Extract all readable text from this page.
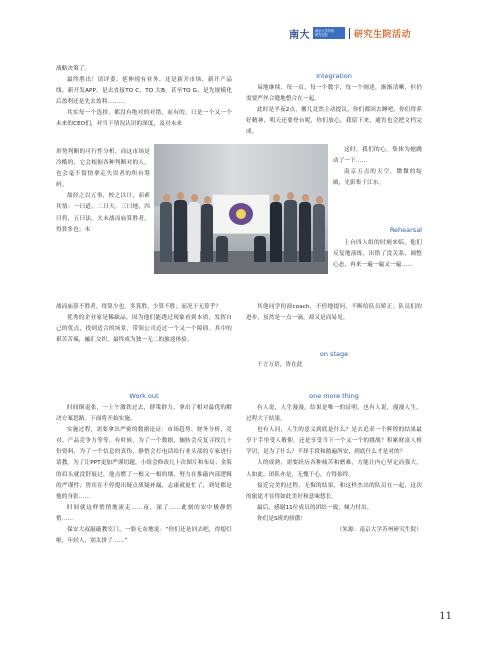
南大 南京大学苏州
研究生院	研究生院活动

战略决策了。

最终胜出！请评委、延伸现有业务、还是新开市场、新开产品线、新开发APP，是去直接TO C，TO 大B，甚至TO G，是先规模化后盈利还是先去盈利………

其实每一个选择，都没有绝对的对错，而有的，只是一个又一个未来的CEO们，对当下情况认识的深度，及对未来

形势判断的可行性分析。而这市场是冷酷的，它会根据各种判断对的人，也会毫不留情拿走失误者的所有筹码。

故经之以五事，校之以计，而索其情：一曰道，二曰天，三曰地，四曰将，五曰法。夫未战而庙算胜者，得算多也；未

战而庙算不胜者，得算少也。多算胜，少算不胜；而况于无算乎？

优秀的企业家是稀缺品，因为他们能透过现象看到本质，发挥自己的优点，找到适合的场景，带领公司迈过一个又一个障碍。其中的艰苦苦辣，融汇交织，最终成为独一无二的旅途体验。

Integration

易地继续，每一页，每一个数字，每一个阐述，渐渐清晰，但仍需要严丝合缝地整合在一起。

此时是半夜2点，馨儿竟然主动提议，你们都回去睡吧，你们得养好精神，明天还要登台呢，你们放心，我留下来，通宵也会把文档完成。

这时，我们的心，集体为她跳动了一下……

南京五点的天空，微微的绽破，光影集于江东。

Rehearsal

上台四人组的时刻来临，他们反复地演练，出错了没关系，调整心态，再来一遍一遍又一遍……

其他同学扮演coach，不停地提问，不断给队员矫正。队员们的进步，虽然是一点一滴，却又是而易见。

on stage

千言万语，皆在此

Work out

时间倒退张，一上午激铁过去，群策群力，拿出了相对最优的解决方案思路。下面将开始实施。

实施过程，需要拿出严密的数据论证：市场趋势、财务分析、竞对、产品竞争力等等，有时候，为了一个数据，辗转会反复寻找几十份资料，为了一个信息的真伪，静悄会打电话给行业头部的专家进行请教。为了让PPT更加严谨切题，小组会修改几十次图片和布局；金海的眉头就没舒展过，他点燃了一根又一根的烟，努力在推敲内部逻辑的严谨性；曾宾在不停提出疑点质疑补漏，志康就更忙了，到处都是他的身影……

时间就这样悄悄地流走……夜，深了……此刻的安中极静悄悄……

保安大叔敲敲教室门，一脸无奈地说：“你们还是回去吧，得熄灯啦，年轻人，别太拼了……”

one more thing

有人说，人生漫漫，结果是唯一的证明，也有人说，漫漫人生，过程大于结果。

也有人问，人生的意义到底是什么？是去追求一个辉煌的结果最享于手里受人敬仰，还是享受当下一个又一个的挑战？积累财富人格学识，是为了什么？不择手段和踏遍所安，到底什么才是对的？

人的成熟，需要经历各种痛苦和磨难，方能让内心坚定而强大，人如此，团队亦是，无愧于心，方得始终。

接近完美的过程，无悔的结果，和这样杰出的队员在一起，这次的旅途才显得如此美好和意味悠长。

最后，感谢11位成员的团结一致，倾力付出。

你们是S班的骄傲！

（朱源：南京大学苏州研究生院）

11
